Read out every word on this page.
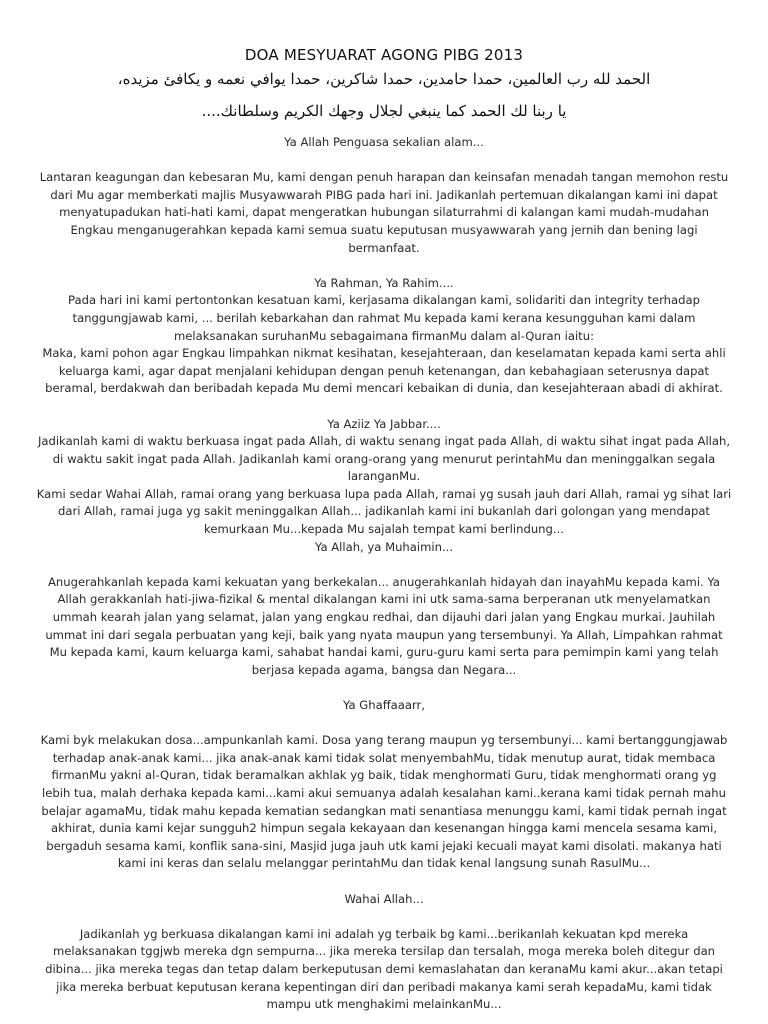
DOA MESYUARAT AGONG PIBG 2013

الحمد لله رب العالمين، حمدا حامدين، حمدا شاكرين، حمدا يوافي نعمه و يكافئ مزيده،

يا ربنا لك الحمد كما ينبغي لجلال وجهك الكريم وسلطانك....

Ya Allah Penguasa sekalian alam...

Lantaran keagungan dan kebesaran Mu, kami dengan penuh harapan dan keinsafan menadah tangan memohon restu dari Mu agar memberkati majlis Musyawwarah PIBG pada hari ini. Jadikanlah pertemuan dikalangan kami ini dapat menyatupadukan hati-hati kami, dapat mengeratkan hubungan silaturrahmi di kalangan kami mudah-mudahan Engkau menganugerahkan kepada kami semua suatu keputusan musyawwarah yang jernih dan bening lagi bermanfaat.

Ya Rahman, Ya Rahim....

Pada hari ini kami pertontonkan kesatuan kami, kerjasama dikalangan kami, solidariti dan integrity terhadap tanggungjawab kami, ... berilah kebarkahan dan rahmat Mu kepada kami kerana kesungguhan kami dalam melaksanakan suruhanMu sebagaimana firmanMu dalam al-Quran iaitu:

Maka, kami pohon agar Engkau limpahkan nikmat kesihatan, kesejahteraan, dan keselamatan kepada kami serta ahli keluarga kami, agar dapat menjalani kehidupan dengan penuh ketenangan, dan kebahagiaan seterusnya dapat beramal, berdakwah dan beribadah kepada Mu demi mencari kebaikan di dunia, dan kesejahteraan abadi di akhirat.

Ya Aziiz Ya Jabbar....

Jadikanlah kami di waktu berkuasa ingat pada Allah, di waktu senang ingat pada Allah, di waktu sihat ingat pada Allah, di waktu sakit ingat pada Allah. Jadikanlah kami orang-orang yang menurut perintahMu dan meninggalkan segala laranganMu.

Kami sedar Wahai Allah, ramai orang yang berkuasa lupa pada Allah, ramai yg susah jauh dari Allah, ramai yg sihat lari dari Allah, ramai juga yg sakit meninggalkan Allah... jadikanlah kami ini bukanlah dari golongan yang mendapat kemurkaan Mu...kepada Mu sajalah tempat kami berlindung...

Ya Allah, ya Muhaimin...

Anugerahkanlah kepada kami kekuatan yang berkekalan... anugerahkanlah hidayah dan inayahMu kepada kami. Ya Allah gerakkanlah hati-jiwa-fizikal & mental dikalangan kami ini utk sama-sama berperanan utk menyelamatkan ummah kearah jalan yang selamat, jalan yang engkau redhai, dan dijauhi dari jalan yang Engkau murkai. Jauhilah ummat ini dari segala perbuatan yang keji, baik yang nyata maupun yang tersembunyi. Ya Allah, Limpahkan rahmat Mu kepada kami, kaum keluarga kami, sahabat handai kami, guru-guru kami serta para pemimpin kami yang telah berjasa kepada agama, bangsa dan Negara...

Ya Ghaffaaarr,

Kami byk melakukan dosa...ampunkanlah kami. Dosa yang terang maupun yg tersembunyi... kami bertanggungjawab terhadap anak-anak kami... jika anak-anak kami tidak solat menyembahMu, tidak menutup aurat, tidak membaca firmanMu yakni al-Quran, tidak beramalkan akhlak yg baik, tidak menghormati Guru, tidak menghormati orang yg lebih tua, malah derhaka kepada kami...kami akui semuanya adalah kesalahan kami..kerana kami tidak pernah mahu belajar agamaMu, tidak mahu kepada kematian sedangkan mati senantiasa menunggu kami, kami tidak pernah ingat akhirat, dunia kami kejar sungguh2 himpun segala kekayaan dan kesenangan hingga kami mencela sesama kami, bergaduh sesama kami, konflik sana-sini, Masjid juga jauh utk kami jejaki kecuali mayat kami disolati. makanya hati kami ini keras dan selalu melanggar perintahMu dan tidak kenal langsung sunah RasulMu...

Wahai Allah...

Jadikanlah yg berkuasa dikalangan kami ini adalah yg terbaik bg kami...berikanlah kekuatan kpd mereka melaksanakan tggjwb mereka dgn sempurna... jika mereka tersilap dan tersalah, moga mereka boleh ditegur dan dibina... jika mereka tegas dan tetap dalam berkeputusan demi kemaslahatan dan keranaMu kami akur...akan tetapi jika mereka berbuat keputusan kerana kepentingan diri dan peribadi makanya kami serah kepadaMu, kami tidak mampu utk menghakimi melainkanMu...
